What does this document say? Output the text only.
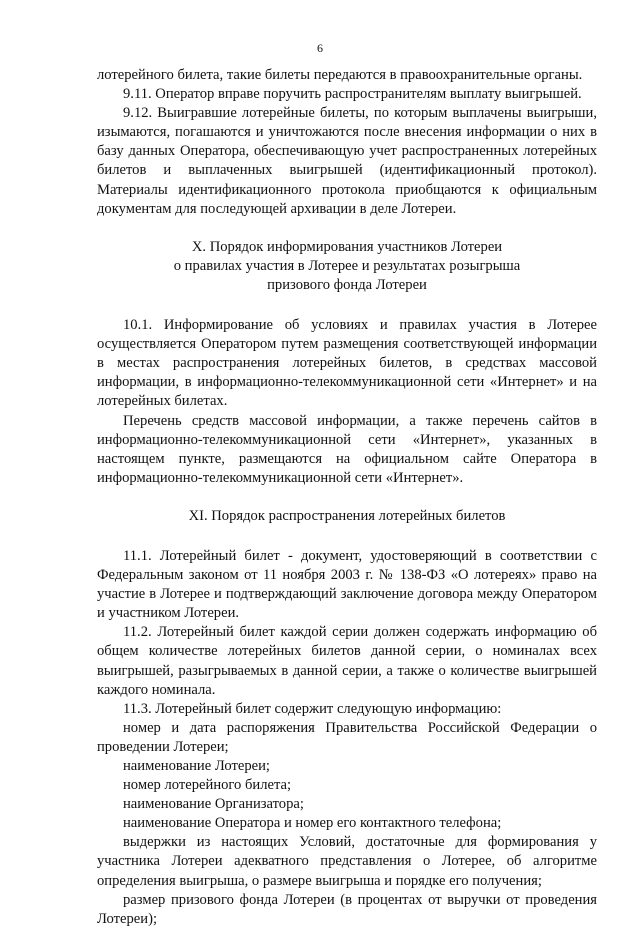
6

лотерейного билета, такие билеты передаются в правоохранительные органы.

9.11. Оператор вправе поручить распространителям выплату выигрышей.

9.12. Выигравшие лотерейные билеты, по которым выплачены выигрыши, изымаются, погашаются и уничтожаются после внесения информации о них в базу данных Оператора, обеспечивающую учет распространенных лотерейных билетов и выплаченных выигрышей (идентификационный протокол). Материалы идентификационного протокола приобщаются к официальным документам для последующей архивации в деле Лотереи.

X. Порядок информирования участников Лотереи

о правилах участия в Лотерее и результатах розыгрыша

призового фонда Лотереи

10.1. Информирование об условиях и правилах участия в Лотерее осуществляется Оператором путем размещения соответствующей информации в местах распространения лотерейных билетов, в средствах массовой информации, в информационно-телекоммуникационной сети «Интернет» и на лотерейных билетах.

Перечень средств массовой информации, а также перечень сайтов в информационно-телекоммуникационной сети «Интернет», указанных в настоящем пункте, размещаются на официальном сайте Оператора в информационно-телекоммуникационной сети «Интернет».

XI. Порядок распространения лотерейных билетов

11.1. Лотерейный билет - документ, удостоверяющий в соответствии с Федеральным законом от 11 ноября 2003 г. № 138-ФЗ «О лотереях» право на участие в Лотерее и подтверждающий заключение договора между Оператором и участником Лотереи.

11.2. Лотерейный билет каждой серии должен содержать информацию об общем количестве лотерейных билетов данной серии, о номиналах всех выигрышей, разыгрываемых в данной серии, а также о количестве выигрышей каждого номинала.

11.3. Лотерейный билет содержит следующую информацию:

номер и дата распоряжения Правительства Российской Федерации о проведении Лотереи;

наименование Лотереи;

номер лотерейного билета;

наименование Организатора;

наименование Оператора и номер его контактного телефона;

выдержки из настоящих Условий, достаточные для формирования у участника Лотереи адекватного представления о Лотерее, об алгоритме определения выигрыша, о размере выигрыша и порядке его получения;

размер призового фонда Лотереи (в процентах от выручки от проведения Лотереи);
